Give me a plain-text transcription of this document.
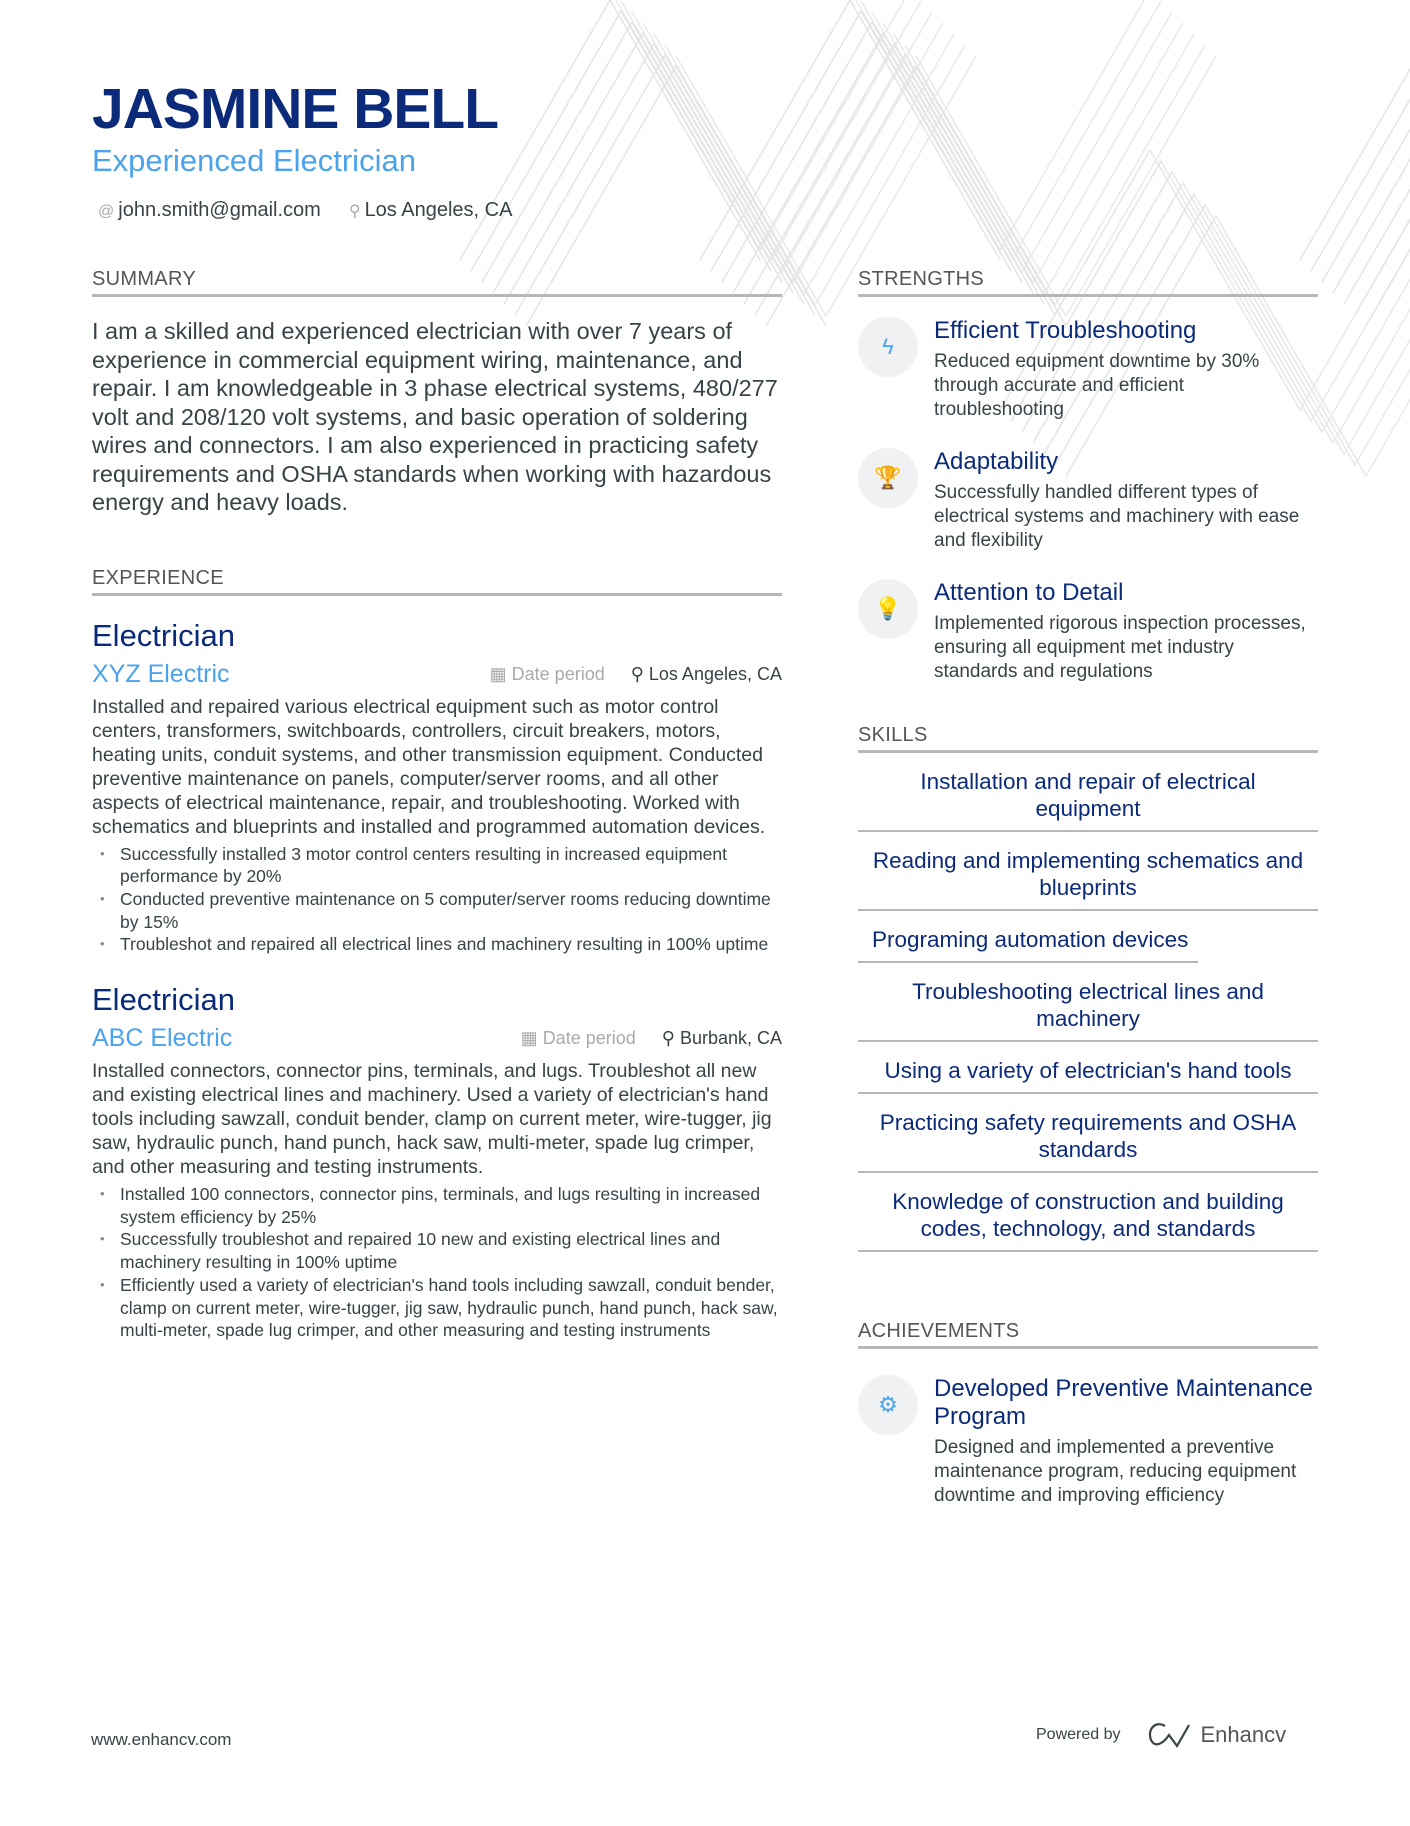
JASMINE BELL
Experienced Electrician
@ john.smith@gmail.com ⚲ Los Angeles, CA
SUMMARY
I am a skilled and experienced electrician with over 7 years of experience in commercial equipment wiring, maintenance, and repair. I am knowledgeable in 3 phase electrical systems, 480/277 volt and 208/120 volt systems, and basic operation of soldering wires and connectors. I am also experienced in practicing safety requirements and OSHA standards when working with hazardous energy and heavy loads.
EXPERIENCE
Electrician
XYZ Electric	▦ Date period ⚲ Los Angeles, CA
Installed and repaired various electrical equipment such as motor control centers, transformers, switchboards, controllers, circuit breakers, motors, heating units, conduit systems, and other transmission equipment. Conducted preventive maintenance on panels, computer/server rooms, and all other aspects of electrical maintenance, repair, and troubleshooting. Worked with schematics and blueprints and installed and programmed automation devices.
• Successfully installed 3 motor control centers resulting in increased equipment performance by 20%
• Conducted preventive maintenance on 5 computer/server rooms reducing downtime by 15%
• Troubleshot and repaired all electrical lines and machinery resulting in 100% uptime
Electrician
ABC Electric	▦ Date period ⚲ Burbank, CA
Installed connectors, connector pins, terminals, and lugs. Troubleshot all new and existing electrical lines and machinery. Used a variety of electrician's hand tools including sawzall, conduit bender, clamp on current meter, wire-tugger, jig saw, hydraulic punch, hand punch, hack saw, multi-meter, spade lug crimper, and other measuring and testing instruments.
• Installed 100 connectors, connector pins, terminals, and lugs resulting in increased system efficiency by 25%
• Successfully troubleshot and repaired 10 new and existing electrical lines and machinery resulting in 100% uptime
• Efficiently used a variety of electrician's hand tools including sawzall, conduit bender, clamp on current meter, wire-tugger, jig saw, hydraulic punch, hand punch, hack saw, multi-meter, spade lug crimper, and other measuring and testing instruments
STRENGTHS
ϟ
Efficient Troubleshooting

Reduced equipment downtime by 30% through accurate and efficient troubleshooting

🏆
Adaptability

Successfully handled different types of electrical systems and machinery with ease and flexibility

💡
Attention to Detail

Implemented rigorous inspection processes, ensuring all equipment met industry standards and regulations

SKILLS
Installation and repair of electrical equipment
Reading and implementing schematics and blueprints
Programing automation devices
Troubleshooting electrical lines and machinery
Using a variety of electrician's hand tools
Practicing safety requirements and OSHA standards
Knowledge of construction and building codes, technology, and standards
ACHIEVEMENTS
⚙
Developed Preventive Maintenance Program

Designed and implemented a preventive maintenance program, reducing equipment downtime and improving efficiency

www.enhancv.com	Powered by	Enhancv
